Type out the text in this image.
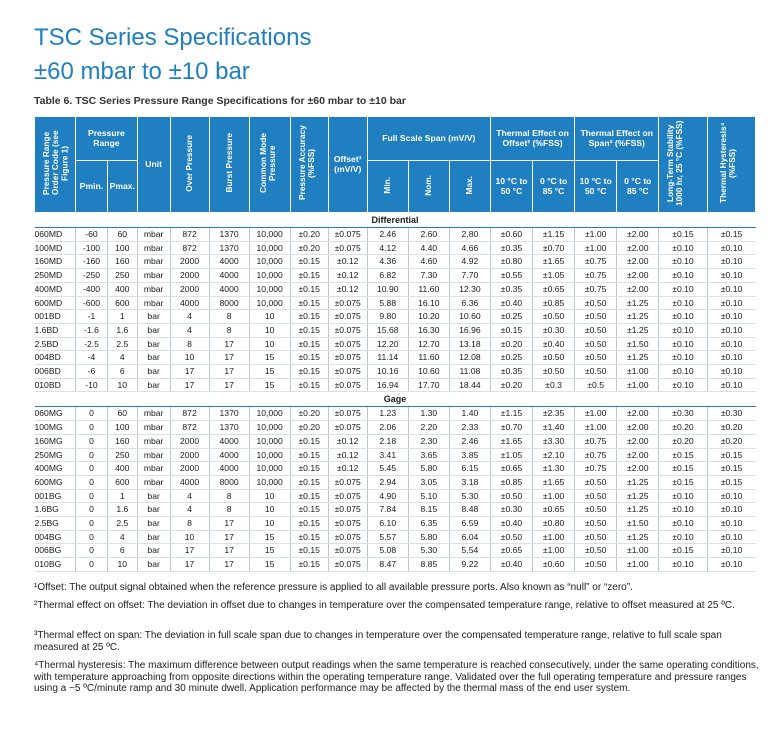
TSC Series Specifications
±60 mbar to ±10 bar
Table 6. TSC Series Pressure Range Specifications for ±60 mbar to ±10 bar
Pressure Range Order Code (see Figure 1)	Pressure Range		Unit	Over Pressure	Burst Pressure	Common Mode Pressure	Pressure Accuracy (%FSS)	Offset¹ (mV/V)	Full Scale Span (mV/V)			Thermal Effect on Offset² (%FSS)		Thermal Effect on Span³ (%FSS)		Long-Term Stability 1000 hr, 25 °C (%FSS)	Thermal Hysteresis⁴ (%FSS)
	Pmin.	Pmax.							Min.	Nom.	Max.	10 °C to 50 °C	0 °C to 85 °C	10 °C to 50 °C	0 °C to 85 °C		

Differential																	
060MD	-60	60	mbar	872	1370	10,000	±0.20	±0.075	2.46	2.60	2.80	±0.60	±1.15	±1.00	±2.00	±0.15	±0.15
100MD	-100	100	mbar	872	1370	10,000	±0.20	±0.075	4.12	4.40	4.66	±0.35	±0.70	±1.00	±2.00	±0.10	±0.10
160MD	-160	160	mbar	2000	4000	10,000	±0.15	±0.12	4.36	4.60	4.92	±0.80	±1.65	±0.75	±2.00	±0.10	±0.10
250MD	-250	250	mbar	2000	4000	10,000	±0.15	±0.12	6.82	7.30	7.70	±0.55	±1.05	±0.75	±2.00	±0.10	±0.10
400MD	-400	400	mbar	2000	4000	10,000	±0.15	±0.12	10.90	11.60	12.30	±0.35	±0.65	±0.75	±2.00	±0.10	±0.10
600MD	-600	600	mbar	4000	8000	10,000	±0.15	±0.075	5.88	16.10	6.36	±0.40	±0.85	±0.50	±1.25	±0.10	±0.10
001BD	-1	1	bar	4	8	10	±0.15	±0.075	9.80	10.20	10.60	±0.25	±0.50	±0.50	±1.25	±0.10	±0.10
1.6BD	-1.6	1.6	bar	4	8	10	±0.15	±0.075	15.68	16.30	16.96	±0.15	±0.30	±0.50	±1.25	±0.10	±0.10
2.5BD	-2.5	2.5	bar	8	17	10	±0.15	±0.075	12.20	12.70	13.18	±0.20	±0.40	±0.50	±1.50	±0.10	±0.10
004BD	-4	4	bar	10	17	15	±0.15	±0.075	11.14	11.60	12.08	±0.25	±0.50	±0.50	±1.25	±0.10	±0.10
006BD	-6	6	bar	17	17	15	±0.15	±0.075	10.16	10.60	11.08	±0.35	±0.50	±0.50	±1.00	±0.10	±0.10
010BD	-10	10	bar	17	17	15	±0.15	±0.075	16.94	17.70	18.44	±0.20	±0.3	±0.5	±1.00	±0.10	±0.10
Gage																	
060MG	0	60	mbar	872	1370	10,000	±0.20	±0.075	1.23	1.30	1.40	±1.15	±2.35	±1.00	±2.00	±0.30	±0.30
100MG	0	100	mbar	872	1370	10,000	±0.20	±0.075	2.06	2.20	2.33	±0.70	±1.40	±1.00	±2.00	±0.20	±0.20
160MG	0	160	mbar	2000	4000	10,000	±0.15	±0.12	2.18	2.30	2.46	±1.65	±3.30	±0.75	±2.00	±0.20	±0.20
250MG	0	250	mbar	2000	4000	10,000	±0.15	±0.12	3.41	3.65	3.85	±1.05	±2.10	±0.75	±2.00	±0.15	±0.15
400MG	0	400	mbar	2000	4000	10,000	±0.15	±0.12	5.45	5.80	6.15	±0.65	±1.30	±0.75	±2.00	±0.15	±0.15
600MG	0	600	mbar	4000	8000	10,000	±0.15	±0.075	2.94	3.05	3.18	±0.85	±1.65	±0.50	±1.25	±0.15	±0.15
001BG	0	1	bar	4	8	10	±0.15	±0.075	4.90	5.10	5.30	±0.50	±1.00	±0.50	±1.25	±0.10	±0.10
1.6BG	0	1.6	bar	4	8	10	±0.15	±0.075	7.84	8.15	8.48	±0.30	±0.65	±0.50	±1.25	±0.10	±0.10
2.5BG	0	2.5	bar	8	17	10	±0.15	±0.075	6.10	6.35	6.59	±0.40	±0.80	±0.50	±1.50	±0.10	±0.10
004BG	0	4	bar	10	17	15	±0.15	±0.075	5.57	5.80	6.04	±0.50	±1.00	±0.50	±1.25	±0.10	±0.10
006BG	0	6	bar	17	17	15	±0.15	±0.075	5.08	5.30	5.54	±0.65	±1.00	±0.50	±1.00	±0.15	±0.10
010BG	0	10	bar	17	17	15	±0.15	±0.075	8.47	8.85	9.22	±0.40	±0.60	±0.50	±1.00	±0.10	±0.10
¹Offset: The output signal obtained when the reference pressure is applied to all available pressure ports. Also known as “null” or “zero”.
²Thermal effect on offset: The deviation in offset due to changes in temperature over the compensated temperature range, relative to offset measured at 25 ºC.
³Thermal effect on span: The deviation in full scale span due to changes in temperature over the compensated temperature range, relative to full scale span measured at 25 ºC.
⁴Thermal hysteresis: The maximum difference between output readings when the same temperature is reached consecutively, under the same operating conditions, with temperature approaching from opposite directions within the operating temperature range. Validated over the full operating temperature and pressure ranges using a ~5 ºC/minute ramp and 30 minute dwell. Application performance may be affected by the thermal mass of the end user system.
